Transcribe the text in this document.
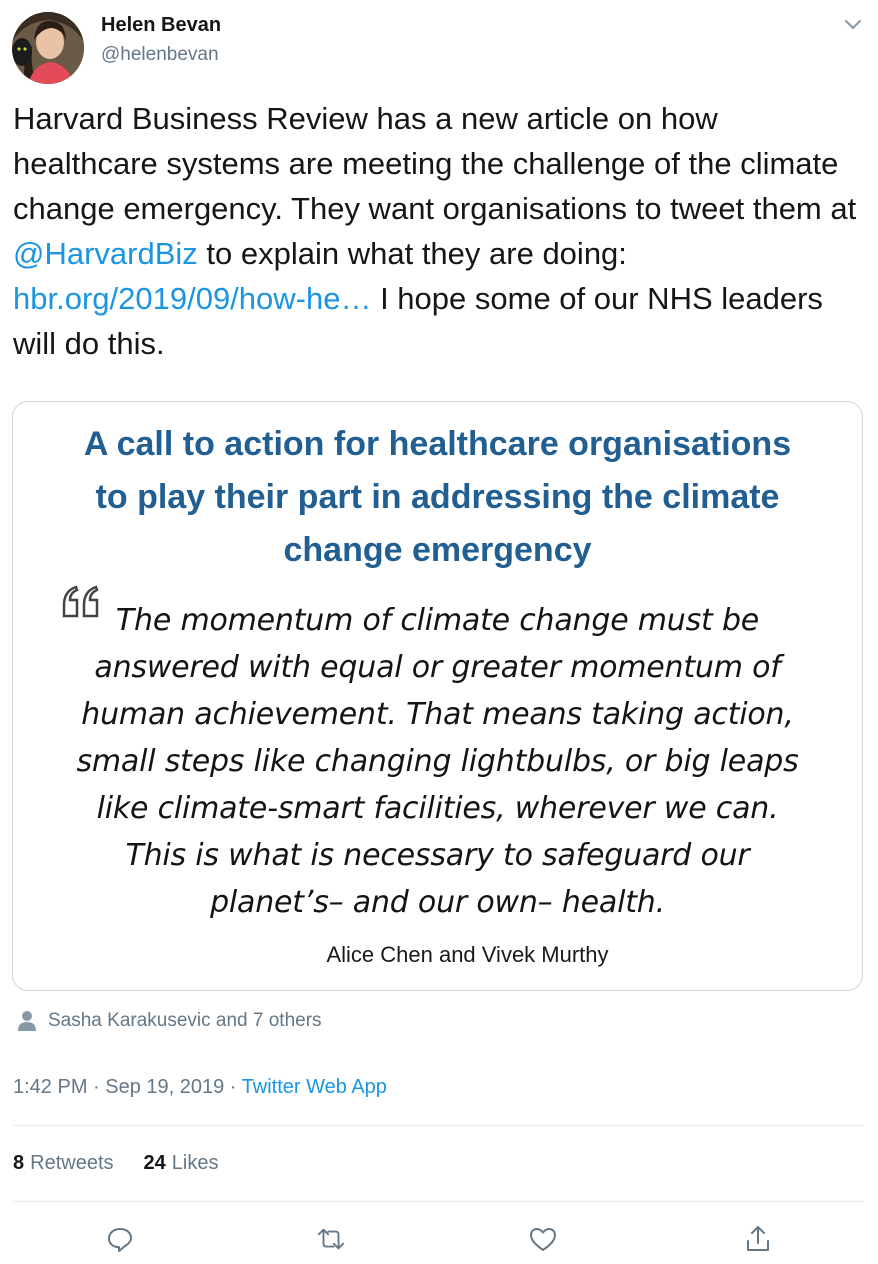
Helen Bevan
@helenbevan

Harvard Business Review has a new article on how healthcare systems are meeting the challenge of the climate change emergency. They want organisations to tweet them at @HarvardBiz to explain what they are doing: hbr.org/2019/09/how-he… I hope some of our NHS leaders will do this.

A call to action for healthcare organisations
to play their part in addressing the climate
change emergency
The momentum of climate change must be
answered with equal or greater momentum of
human achievement. That means taking action,
small steps like changing lightbulbs, or big leaps
like climate-smart facilities, wherever we can.
This is what is necessary to safeguard our
planet’s– and our own– health.
Alice Chen and Vivek Murthy
Sasha Karakusevic and 7 others
1:42 PM · Sep 19, 2019 · Twitter Web App
8 Retweets 24 Likes
